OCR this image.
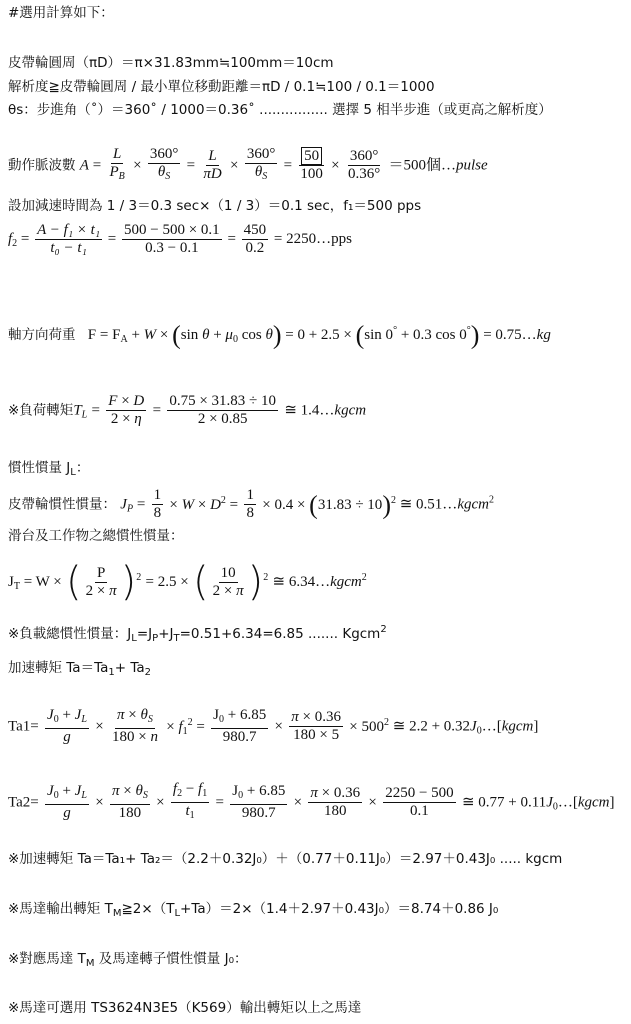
#選用計算如下：
皮帶輪圓周（πD）＝π×31.83mm≒100mm＝10cm
解析度≧皮帶輪圓周 / 最小單位移動距離＝πD / 0.1≒100 / 0.1＝1000
θs：步進角（˚）＝360˚ / 1000＝0.36˚ ................ 選擇 5 相半步進（或更高之解析度）
動作脈波數 $A = \frac{L}{P_B} \times \frac{360^\circ}{\theta_S} = \frac{L}{\pi D} \times \frac{360^\circ}{\theta_S} = \frac{50}{100} \times \frac{360^\circ}{0.36^\circ} =500$個…pulse
設加減速時間為 1 / 3＝0.3 sec×（1 / 3）＝0.1 sec，f₁＝500 pps
$f_2 = \frac{\text{A − f₁ × t₁}}{\text{t₀ − t₁}} = \frac{500 - 500 \times 0.1}{0.3 - 0.1} = \frac{450}{0.2}$ = 2250…pps
軸方向荷重 $F = F_A + W \times (\sin$ $\theta + \mu_0$ cos θ) = 0 + 2.5 × (sin 0° + 0.3 cos 0°) = 0.75…kg
※負荷轉矩$T_L = \frac{F \times D}{2 \times \eta} = \frac{0.75 \times 31.83 \div 10}{2 \times 0.85}$ ≅ 1.4…kgcm
慣性慣量 $J_L$：
皮帶輪慣性慣量： $J_P = \frac{1}{8} \times W \times D^2 = \frac{1}{8} \times 0.4 \times (31.83 \div 10)^2$ ≅ 0.51…kgcm$^2$
滑台及工作物之總慣性慣量：
$J_T = W$ × ( $\frac{P}{2 \times \pi} )^2 = 2.5$ × ( $\frac{10}{2 \times \pi} )^2$ ≅ 6.34…kgcm$^2$
※負載總慣性慣量：$J_L=J_P+J_T=0.51+6.34=6.85$ ....... Kgcm$^2$
加速轉矩 $Ta=Ta_1+ Ta_2$
$Ta1= \frac{J_0 + J_L}{g} \times \frac{\pi \times \theta_S}{180 \times n} \times f_1^2 = \frac{J_0 + 6.85}{980.7} \times \frac{\pi \times 0.36}{180 \times 5} \times 500^2$ ≅ $2.2 + 0.32J_0\dots[kgcm]$
$Ta2= \frac{J_0 + J_L}{g} \times \frac{\pi \times \theta_S}{180} \times \frac{f_2 - f_1}{t_1} = \frac{J_0 + 6.85}{980.7} \times \frac{\pi \times 0.36}{180} \times \frac{2250 - 500}{0.1}$ ≅ $0.77 + 0.11J_0\dots[kgcm]$
※加速轉矩 Ta＝Ta₁+ Ta₂＝（2.2＋0.32J₀）＋（0.77＋0.11J₀）＝2.97＋0.43J₀ ..... kgcm
※馬達輸出轉矩 $T_M≧2\times(T_L+Ta)=2\times(1.4+2.97+0.43J_0)=8.74+0.86$ J₀
※對應馬達 $T_M$ 及馬達轉子慣性慣量 J₀：
※馬達可選用 TS3624N3E5（K569）輸出轉矩以上之馬達
